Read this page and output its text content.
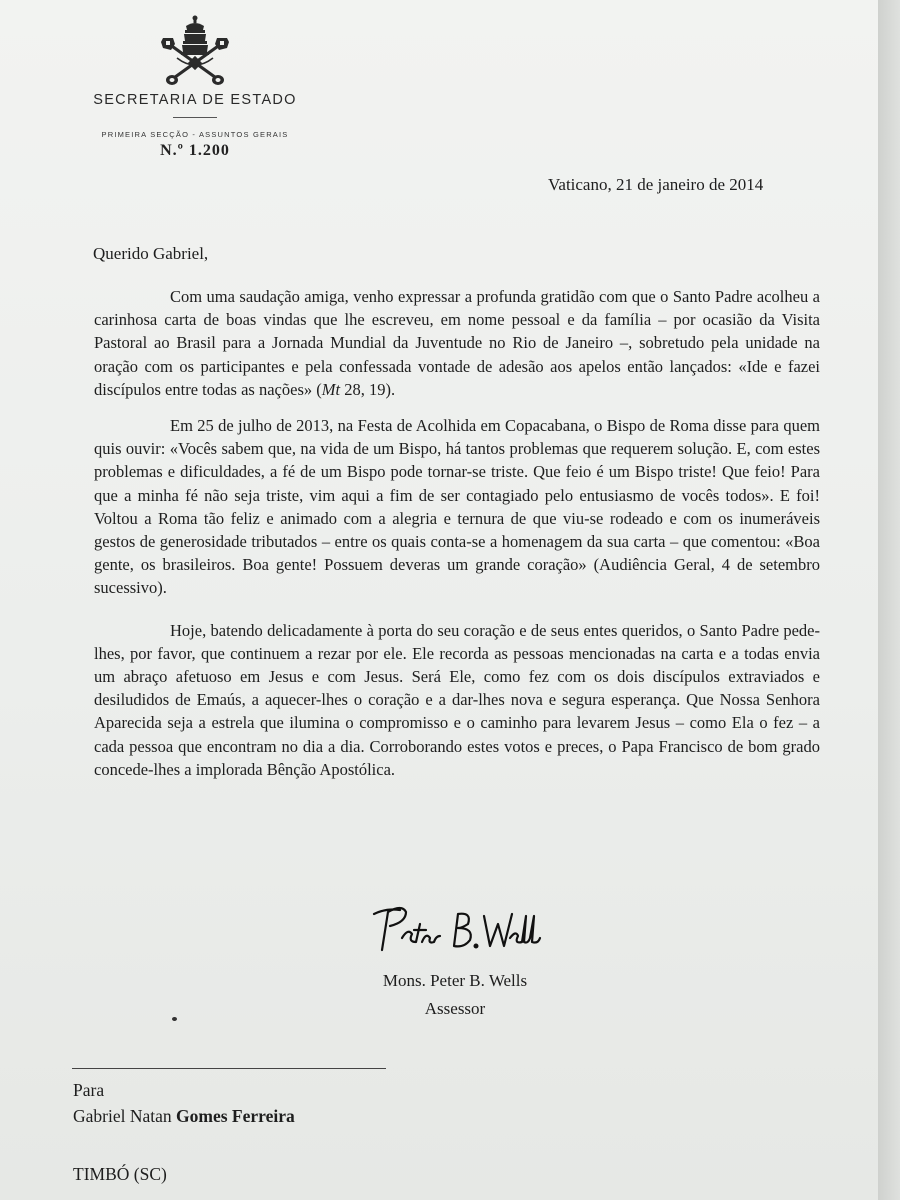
SECRETARIA DE ESTADO
PRIMEIRA SECÇÃO - ASSUNTOS GERAIS
N.º 1.200
Vaticano, 21 de janeiro de 2014
Querido Gabriel,

Com uma saudação amiga, venho expressar a profunda gratidão com que o Santo Padre acolheu a carinhosa carta de boas vindas que lhe escreveu, em nome pessoal e da família – por ocasião da Visita Pastoral ao Brasil para a Jornada Mundial da Juventude no Rio de Janeiro –, sobretudo pela unidade na oração com os participantes e pela confessada vontade de adesão aos apelos então lançados: «Ide e fazei discípulos entre todas as nações» (Mt 28, 19).

Em 25 de julho de 2013, na Festa de Acolhida em Copacabana, o Bispo de Roma disse para quem quis ouvir: «Vocês sabem que, na vida de um Bispo, há tantos problemas que requerem solução. E, com estes problemas e dificuldades, a fé de um Bispo pode tornar-se triste. Que feio é um Bispo triste! Que feio! Para que a minha fé não seja triste, vim aqui a fim de ser contagiado pelo entusiasmo de vocês todos». E foi! Voltou a Roma tão feliz e animado com a alegria e ternura de que viu-se rodeado e com os inumeráveis gestos de generosidade tributados – entre os quais conta-se a homenagem da sua carta – que comentou: «Boa gente, os brasileiros. Boa gente! Possuem deveras um grande coração» (Audiência Geral, 4 de setembro sucessivo).

Hoje, batendo delicadamente à porta do seu coração e de seus entes queridos, o Santo Padre pede-lhes, por favor, que continuem a rezar por ele. Ele recorda as pessoas mencionadas na carta e a todas envia um abraço afetuoso em Jesus e com Jesus. Será Ele, como fez com os dois discípulos extraviados e desiludidos de Emaús, a aquecer-lhes o coração e a dar-lhes nova e segura esperança. Que Nossa Senhora Aparecida seja a estrela que ilumina o compromisso e o caminho para levarem Jesus – como Ela o fez – a cada pessoa que encontram no dia a dia. Corroborando estes votos e preces, o Papa Francisco de bom grado concede-lhes a implorada Bênção Apostólica.

Mons. Peter B. Wells
Assessor
Para
Gabriel Natan Gomes Ferreira
TIMBÓ (SC)
